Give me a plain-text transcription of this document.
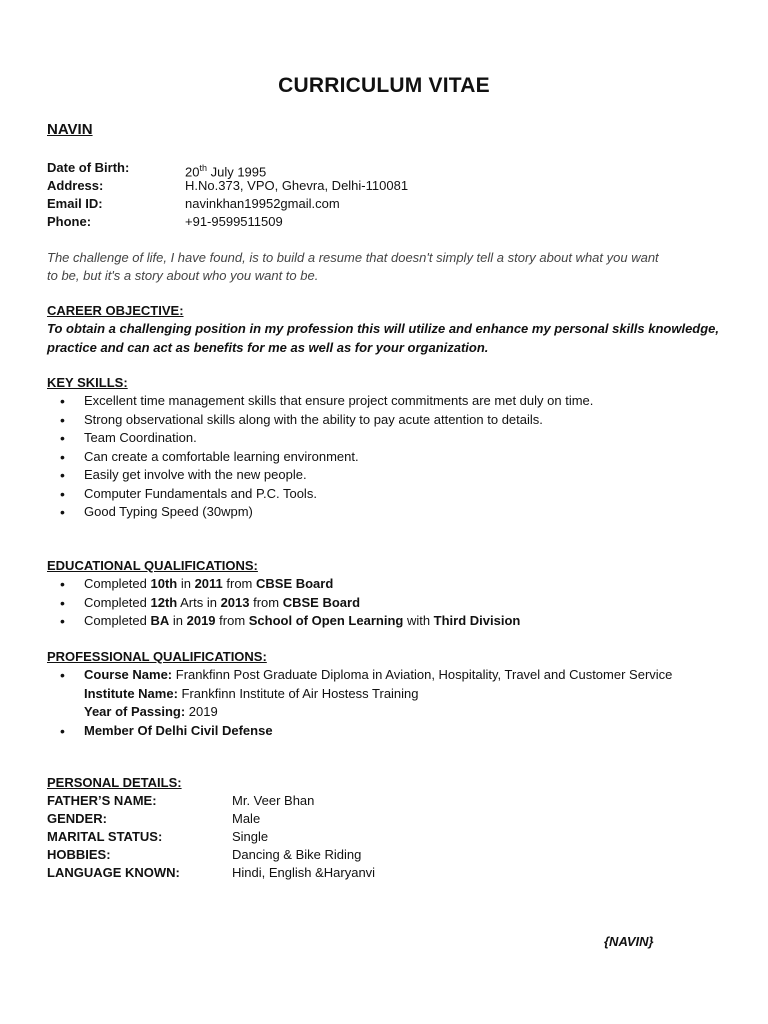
CURRICULUM VITAE
NAVIN
Date of Birth:	20th July 1995
Address:	H.No.373, VPO, Ghevra, Delhi-110081
Email ID:	navinkhan19952gmail.com
Phone:	+91-9599511509
The challenge of life, I have found, is to build a resume that doesn't simply tell a story about what you want
to be, but it's a story about who you want to be.
CAREER OBJECTIVE:
To obtain a challenging position in my profession this will utilize and enhance my personal skills knowledge,
practice and can act as benefits for me as well as for your organization.
KEY SKILLS:
• Excellent time management skills that ensure project commitments are met duly on time.
• Strong observational skills along with the ability to pay acute attention to details.
• Team Coordination.
• Can create a comfortable learning environment.
• Easily get involve with the new people.
• Computer Fundamentals and P.C. Tools.
• Good Typing Speed (30wpm)
EDUCATIONAL QUALIFICATIONS:
• Completed 10th in 2011 from CBSE Board
• Completed 12th Arts in 2013 from CBSE Board
• Completed BA in 2019 from School of Open Learning with Third Division
PROFESSIONAL QUALIFICATIONS:
• Course Name: Frankfinn Post Graduate Diploma in Aviation, Hospitality, Travel and Customer Service
Institute Name: Frankfinn Institute of Air Hostess Training
Year of Passing: 2019
• Member Of Delhi Civil Defense
PERSONAL DETAILS:
FATHER’S NAME:	Mr. Veer Bhan
GENDER:	Male
MARITAL STATUS:	Single
HOBBIES:	Dancing & Bike Riding
LANGUAGE KNOWN:	Hindi, English &Haryanvi
{NAVIN}
